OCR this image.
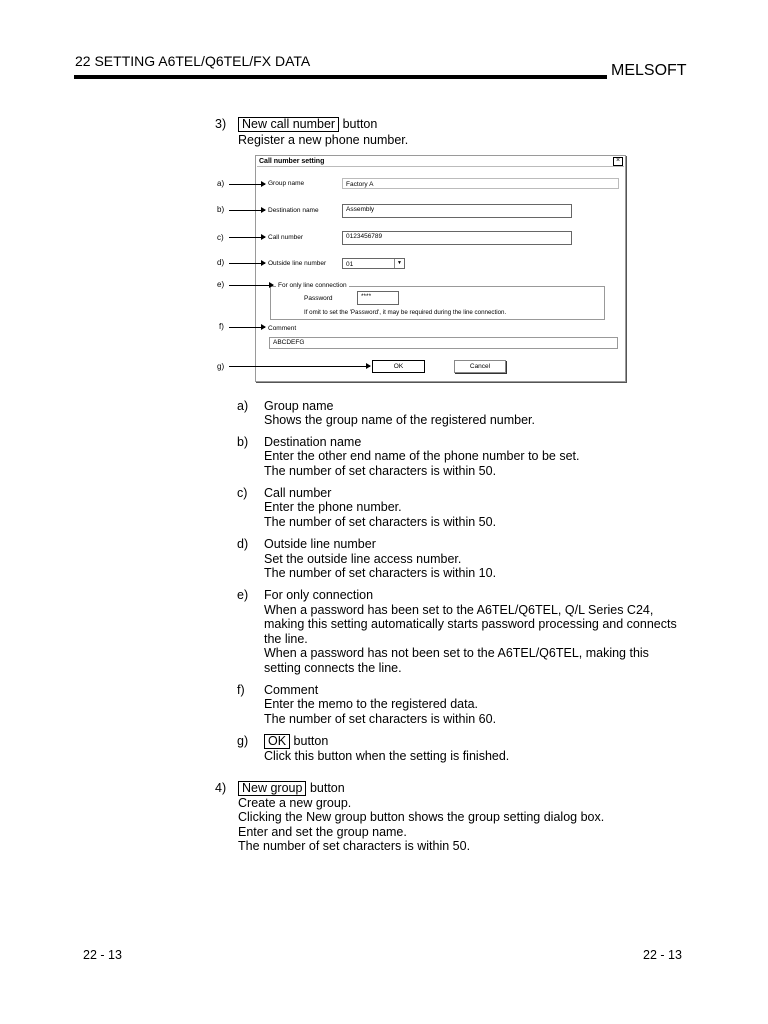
22 SETTING A6TEL/Q6TEL/FX DATA
MELSOFT
3)	New call number button
Register a new phone number.
Call number setting	×
Group name	Factory A
Destination name	Assembly
Call number	0123456789
Outside line number	01	▼
For only line connection
Password	****
If omit to set the 'Password', it may be required during the line connection.
Comment
ABCDEFG
OK	Cancel
a)
b)
c)
d)
e)
f)
g)
a) Group name
Shows the group name of the registered number.
b) Destination name
Enter the other end name of the phone number to be set.
The number of set characters is within 50.
c) Call number
Enter the phone number.
The number of set characters is within 50.
d) Outside line number
Set the outside line access number.
The number of set characters is within 10.
e) For only connection
When a password has been set to the A6TEL/Q6TEL, Q/L Series C24,
making this setting automatically starts password processing and connects
the line.
When a password has not been set to the A6TEL/Q6TEL, making this
setting connects the line.
f) Comment
Enter the memo to the registered data.
The number of set characters is within 60.
g)	OK button
Click this button when the setting is finished.
4)	New group button
Create a new group.
Clicking the New group button shows the group setting dialog box.
Enter and set the group name.
The number of set characters is within 50.
22 - 13	22 - 13
